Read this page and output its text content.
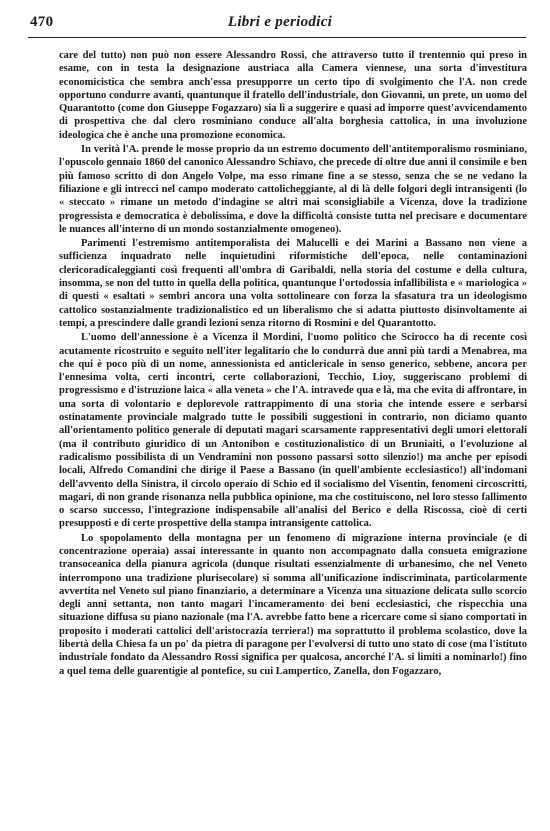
470	Libri e periodici

care del tutto) non può non essere Alessandro Rossi, che attraverso tutto il trentennio qui preso in esame, con in testa la designazione austriaca alla Camera viennese, una sorta d'investitura economicistica che sembra anch'essa presupporre un certo tipo di svolgimento che l'A. non crede opportuno condurre avanti, quantunque il fratello dell'industriale, don Giovanni, un prete, un uomo del Quarantotto (come don Giuseppe Fogazzaro) sia lì a suggerire e quasi ad imporre quest'avvicendamento di prospettiva che dal clero rosminiano conduce all'alta borghesia cattolica, in una involuzione ideologica che è anche una promozione economica.

In verità l'A. prende le mosse proprio da un estremo documento dell'antitemporalismo rosminiano, l'opuscolo gennaio 1860 del canonico Alessandro Schiavo, che precede di oltre due anni il consimile e ben più famoso scritto di don Angelo Volpe, ma esso rimane fine a se stesso, senza che se ne vedano la filiazione e gli intrecci nel campo moderato cattolicheggiante, al di là delle folgori degli intransigenti (lo « steccato » rimane un metodo d'indagine se altri mai sconsigliabile a Vicenza, dove la tradizione progressista e democratica è debolissima, e dove la difficoltà consiste tutta nel precisare e documentare le nuances all'interno di un mondo sostanzialmente omogeneo).

Parimenti l'estremismo antitemporalista dei Malucelli e dei Marini a Bassano non viene a sufficienza inquadrato nelle inquietudini riformistiche dell'epoca, nelle contaminazioni clericoradicaleggianti così frequenti all'ombra di Garibaldi, nella storia del costume e della cultura, insomma, se non del tutto in quella della politica, quantunque l'ortodossia infallibilista e « mariologica » di questi « esaltati » sembri ancora una volta sottolineare con forza la sfasatura tra un ideologismo cattolico sostanzialmente tradizionalistico ed un liberalismo che si adatta piuttosto disinvoltamente ai tempi, a prescindere dalle grandi lezioni senza ritorno di Rosmini e del Quarantotto.

L'uomo dell'annessione è a Vicenza il Mordini, l'uomo politico che Scirocco ha di recente così acutamente ricostruito e seguito nell'iter legalitario che lo condurrà due anni più tardi a Menabrea, ma che qui è poco più di un nome, annessionista ed anticlericale in senso generico, sebbene, ancora per l'ennesima volta, certi incontri, certe collaborazioni, Tecchio, Lioy, suggeriscano problemi di progressismo e d'istruzione laica « alla veneta » che l'A. intravede qua e là, ma che evita di affrontare, in una sorta di volontario e deplorevole rattrappimento di una storia che intende essere e serbarsi ostinatamente provinciale malgrado tutte le possibili suggestioni in contrario, non diciamo quanto all'orientamento politico generale di deputati magari scarsamente rappresentativi degli umori elettorali (ma il contributo giuridico di un Antonibon e costituzionalistico di un Bruniaiti, o l'evoluzione al radicalismo possibilista di un Vendramini non possono passarsi sotto silenzio!) ma anche per episodi locali, Alfredo Comandini che dirige il Paese a Bassano (in quell'ambiente ecclesiastico!) all'indomani dell'avvento della Sinistra, il circolo operaio di Schio ed il socialismo del Visentin, fenomeni circoscritti, magari, di non grande risonanza nella pubblica opinione, ma che costituiscono, nel loro stesso fallimento o scarso successo, l'integrazione indispensabile all'analisi del Berico e della Riscossa, cioè di certi presupposti e di certe prospettive della stampa intransigente cattolica.

Lo spopolamento della montagna per un fenomeno di migrazione interna provinciale (e di concentrazione operaia) assai interessante in quanto non accompagnato dalla consueta emigrazione transoceanica della pianura agricola (dunque risultati essenzialmente di urbanesimo, che nel Veneto interrompono una tradizione plurisecolare) si somma all'unificazione indiscriminata, particolarmente avvertita nel Veneto sul piano finanziario, a determinare a Vicenza una situazione delicata sullo scorcio degli anni settanta, non tanto magari l'incameramento dei beni ecclesiastici, che rispecchia una situazione diffusa su piano nazionale (ma l'A. avrebbe fatto bene a ricercare come si siano comportati in proposito i moderati cattolici dell'aristocrazia terriera!) ma soprattutto il problema scolastico, dove la libertà della Chiesa fa un po' da pietra di paragone per l'evolversi di tutto uno stato di cose (ma l'istituto industriale fondato da Alessandro Rossi significa per qualcosa, ancorché l'A. si limiti a nominarlo!) fino a quel tema delle guarentigie al pontefice, su cui Lampertico, Zanella, don Fogazzaro,
